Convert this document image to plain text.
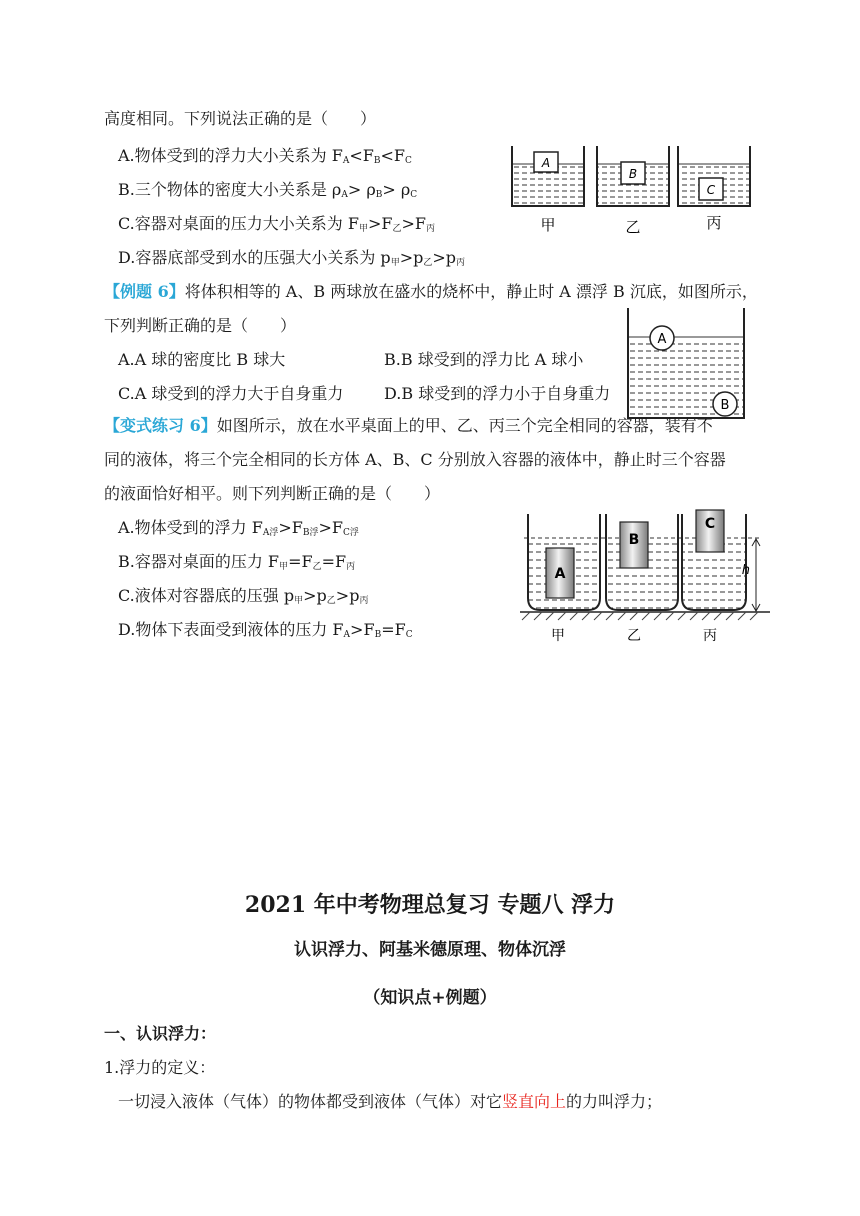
高度相同。下列说法正确的是（　　）
A.物体受到的浮力大小关系为 $F_A<F_B<F_C$
B.三个物体的密度大小关系是 $\rho_A> \rho_B> \rho_C$
C.容器对桌面的压力大小关系为 $F_甲>F_乙>F_丙$
D.容器底部受到水的压强大小关系为 $p_甲>p_乙>p_丙$
A
B
C
甲	乙	丙
【例题 6】将体积相等的 A、B 两球放在盛水的烧杯中，静止时 A 漂浮 B 沉底，如图所示，
下列判断正确的是（　　）
A.A 球的密度比 B 球大	B.B 球受到的浮力比 A 球小
C.A 球受到的浮力大于自身重力	D.B 球受到的浮力小于自身重力
A
B
【变式练习 6】如图所示，放在水平桌面上的甲、乙、丙三个完全相同的容器，装有不
同的液体，将三个完全相同的长方体 A、B、C 分别放入容器的液体中，静止时三个容器
的液面恰好相平。则下列判断正确的是（　　）
A.物体受到的浮力 $F_{A浮}>F_{B浮}>F_{C浮}$
B.容器对桌面的压力 $F_甲=F_乙=F_丙$
C.液体对容器底的压强 $p_甲>p_乙>p_丙$
D.物体下表面受到液体的压力 $F_A>F_B=F_C$
A
B
C
h
甲	乙	丙
2021 年中考物理总复习 专题八 浮力
认识浮力、阿基米德原理、物体沉浮
（知识点+例题）
一、认识浮力：
1.浮力的定义：
一切浸入液体（气体）的物体都受到液体（气体）对它竖直向上的力叫浮力；
